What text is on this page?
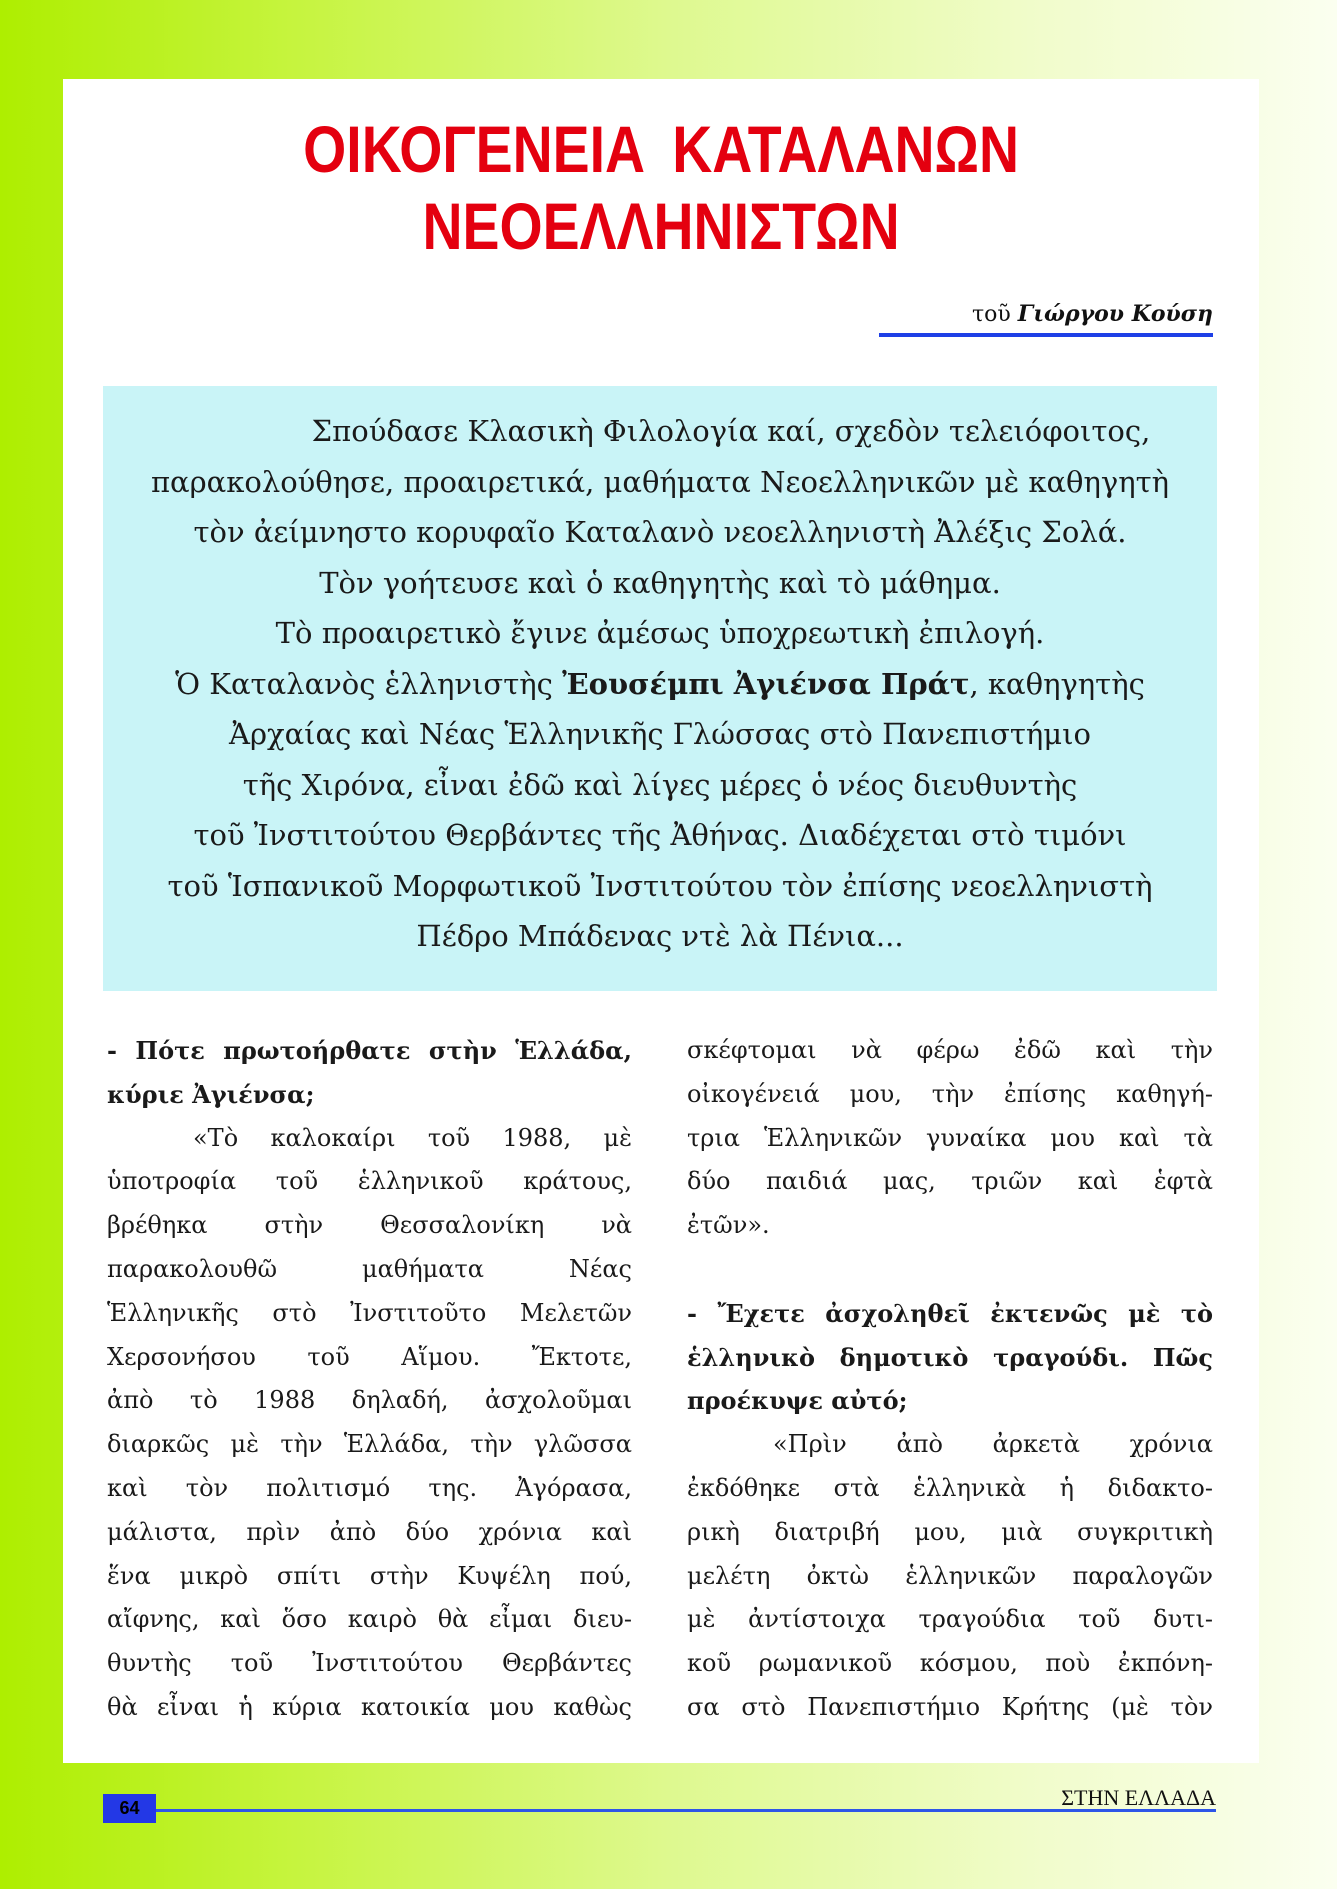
ΟΙΚΟΓΕΝΕΙΑ ΚΑΤΑΛΑΝΩΝ
ΝΕΟΕΛΛΗΝΙΣΤΩΝ
τοῦ Γιώργου Κούση
Σπούδασε Κλασικὴ Φιλολογία καί, σχεδὸν τελειόφοιτος,
παρακολούθησε, προαιρετικά, μαθήματα Νεοελληνικῶν μὲ καθηγητὴ
τὸν ἀείμνηστο κορυφαῖο Καταλανὸ νεοελληνιστὴ Ἀλέξις Σολά.
Τὸν γοήτευσε καὶ ὁ καθηγητὴς καὶ τὸ μάθημα.
Τὸ προαιρετικὸ ἔγινε ἀμέσως ὑποχρεωτικὴ ἐπιλογή.
Ὁ Καταλανὸς ἑλληνιστὴς Ἐουσέμπι Ἀγιένσα Πράτ, καθηγητὴς
Ἀρχαίας καὶ Νέας Ἑλληνικῆς Γλώσσας στὸ Πανεπιστήμιο
τῆς Χιρόνα, εἶναι ἐδῶ καὶ λίγες μέρες ὁ νέος διευθυντὴς
τοῦ Ἰνστιτούτου Θερβάντες τῆς Ἀθήνας. Διαδέχεται στὸ τιμόνι
τοῦ Ἱσπανικοῦ Μορφωτικοῦ Ἰνστιτούτου τὸν ἐπίσης νεοελληνιστὴ
Πέδρο Μπάδενας ντὲ λὰ Πένια...
- Πότε πρωτοήρθατε στὴν Ἑλλάδα,
κύριε Ἀγιένσα;
«Τὸ καλοκαίρι τοῦ 1988, μὲ
ὑποτροφία τοῦ ἑλληνικοῦ κράτους,
βρέθηκα στὴν Θεσσαλονίκη νὰ
παρακολουθῶ μαθήματα Νέας
Ἑλληνικῆς στὸ Ἰνστιτοῦτο Μελετῶν
Χερσονήσου τοῦ Αἵμου. Ἔκτοτε,
ἀπὸ τὸ 1988 δηλαδή, ἀσχολοῦμαι
διαρκῶς μὲ τὴν Ἑλλάδα, τὴν γλῶσσα
καὶ τὸν πολιτισμό της. Ἀγόρασα,
μάλιστα, πρὶν ἀπὸ δύο χρόνια καὶ
ἕνα μικρὸ σπίτι στὴν Κυψέλη πού,
αἴφνης, καὶ ὅσο καιρὸ θὰ εἶμαι διευ-
θυντὴς τοῦ Ἰνστιτούτου Θερβάντες
θὰ εἶναι ἡ κύρια κατοικία μου καθὼς
σκέφτομαι νὰ φέρω ἐδῶ καὶ τὴν
οἰκογένειά μου, τὴν ἐπίσης καθηγή-
τρια Ἑλληνικῶν γυναίκα μου καὶ τὰ
δύο παιδιά μας, τριῶν καὶ ἑφτὰ
ἐτῶν».
- Ἔχετε ἀσχοληθεῖ ἐκτενῶς μὲ τὸ
ἑλληνικὸ δημοτικὸ τραγούδι. Πῶς
προέκυψε αὐτό;
«Πρὶν ἀπὸ ἀρκετὰ χρόνια
ἐκδόθηκε στὰ ἑλληνικὰ ἡ διδακτο-
ρικὴ διατριβή μου, μιὰ συγκριτικὴ
μελέτη ὀκτὼ ἑλληνικῶν παραλογῶν
μὲ ἀντίστοιχα τραγούδια τοῦ δυτι-
κοῦ ρωμανικοῦ κόσμου, ποὺ ἐκπόνη-
σα στὸ Πανεπιστήμιο Κρήτης (μὲ τὸν
64	ΣΤΗΝ ΕΛΛΑΔΑ
